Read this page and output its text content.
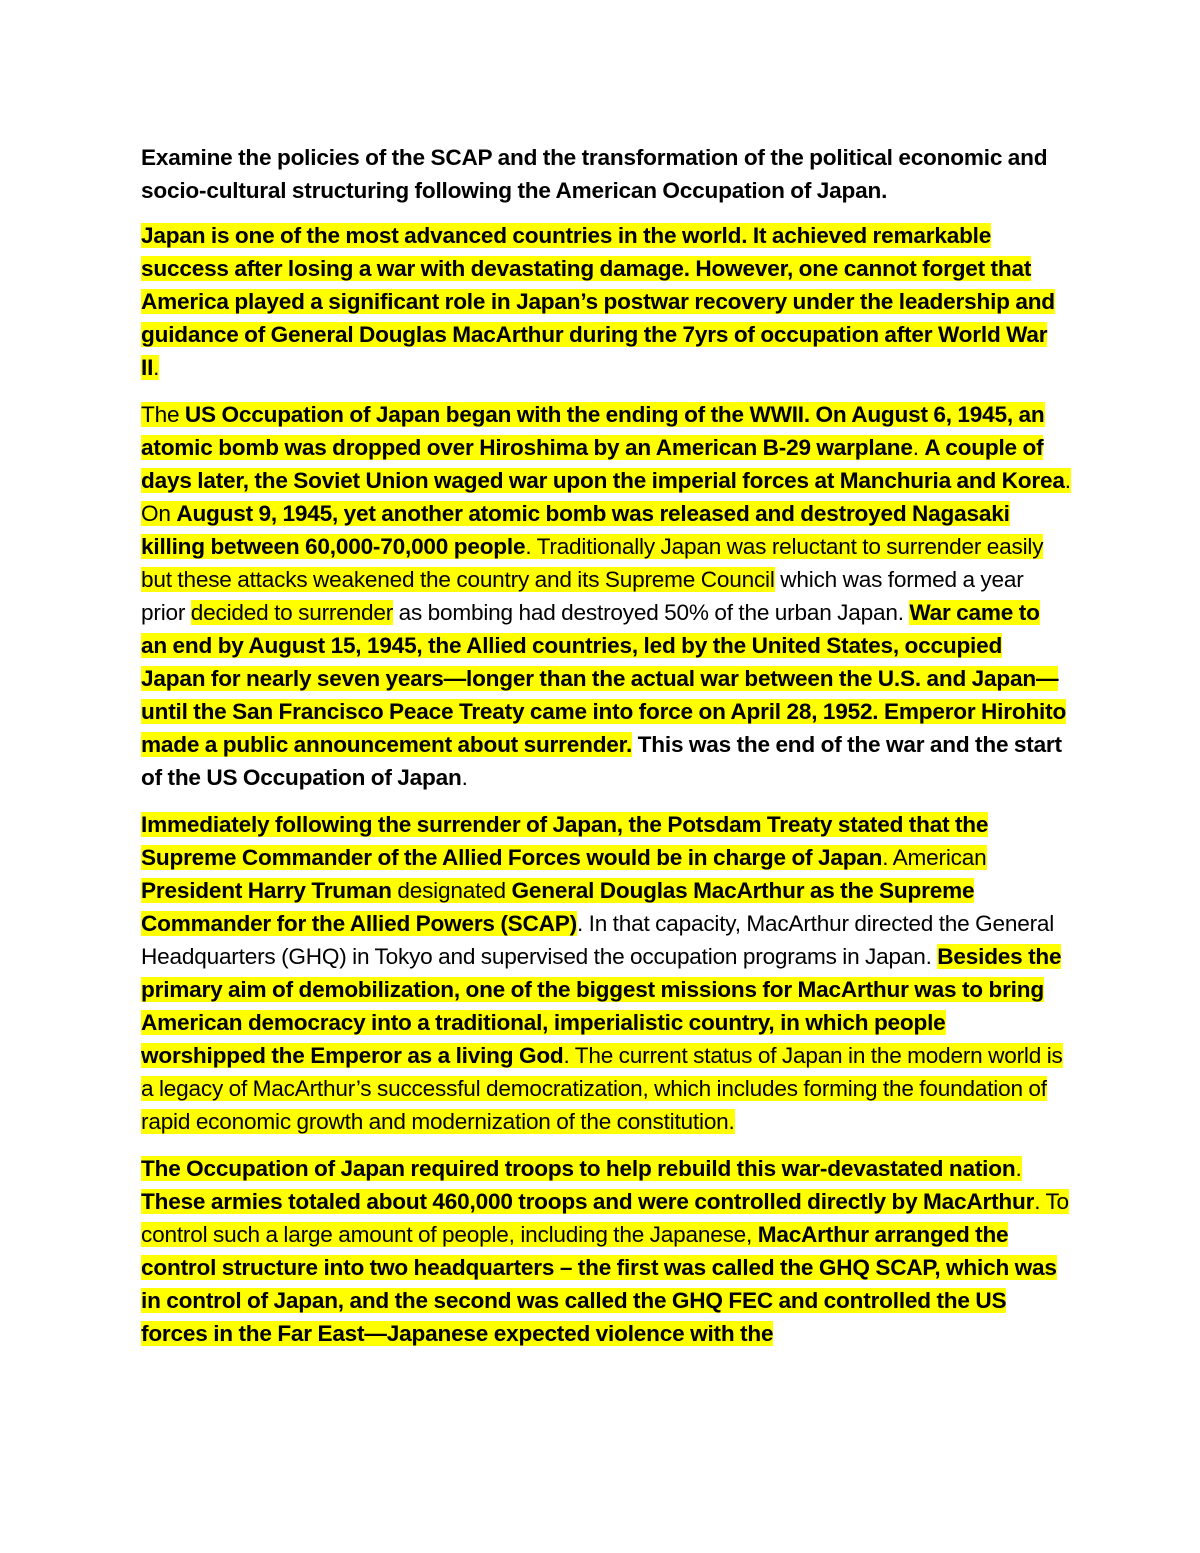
Examine the policies of the SCAP and the transformation of the political economic and socio-cultural structuring following the American Occupation of Japan.

Japan is one of the most advanced countries in the world. It achieved remarkable success after losing a war with devastating damage. However, one cannot forget that America played a significant role in Japan’s postwar recovery under the leadership and guidance of General Douglas MacArthur during the 7yrs of occupation after World War II.

The US Occupation of Japan began with the ending of the WWII. On August 6, 1945, an atomic bomb was dropped over Hiroshima by an American B-29 warplane. A couple of days later, the Soviet Union waged war upon the imperial forces at Manchuria and Korea. On August 9, 1945, yet another atomic bomb was released and destroyed Nagasaki killing between 60,000-70,000 people. Traditionally Japan was reluctant to surrender easily but these attacks weakened the country and its Supreme Council which was formed a year prior decided to surrender as bombing had destroyed 50% of the urban Japan. War came to an end by August 15, 1945, the Allied countries, led by the United States, occupied Japan for nearly seven years—longer than the actual war between the U.S. and Japan—until the San Francisco Peace Treaty came into force on April 28, 1952. Emperor Hirohito made a public announcement about surrender. This was the end of the war and the start of the US Occupation of Japan.

Immediately following the surrender of Japan, the Potsdam Treaty stated that the Supreme Commander of the Allied Forces would be in charge of Japan. American President Harry Truman designated General Douglas MacArthur as the Supreme Commander for the Allied Powers (SCAP). In that capacity, MacArthur directed the General Headquarters (GHQ) in Tokyo and supervised the occupation programs in Japan. Besides the primary aim of demobilization, one of the biggest missions for MacArthur was to bring American democracy into a traditional, imperialistic country, in which people worshipped the Emperor as a living God. The current status of Japan in the modern world is a legacy of MacArthur’s successful democratization, which includes forming the foundation of rapid economic growth and modernization of the constitution.

The Occupation of Japan required troops to help rebuild this war-devastated nation. These armies totaled about 460,000 troops and were controlled directly by MacArthur. To control such a large amount of people, including the Japanese, MacArthur arranged the control structure into two headquarters – the first was called the GHQ SCAP, which was in control of Japan, and the second was called the GHQ FEC and controlled the US forces in the Far East—Japanese expected violence with the
